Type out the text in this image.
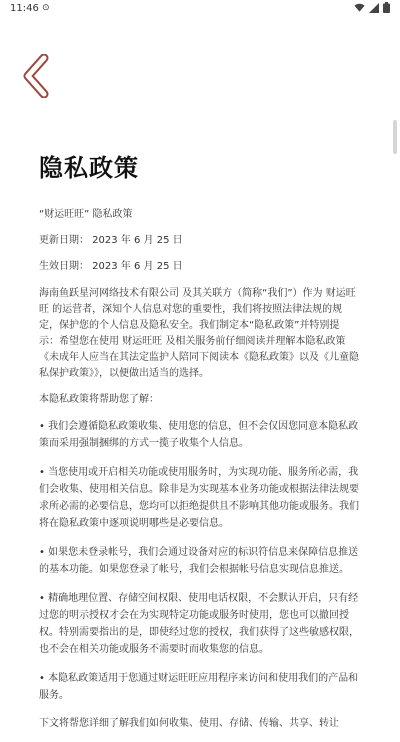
11:46 ⊙
隐私政策

“财运旺旺” 隐私政策

更新日期： 2023 年 6 月 25 日

生效日期： 2023 年 6 月 25 日

海南鱼跃星河网络技术有限公司 及其关联方（简称“我们”）作为 财运旺旺 的运营者，深知个人信息对您的重要性，我们将按照法律法规的规定，保护您的个人信息及隐私安全。我们制定本“隐私政策”并特别提示：希望您在使用 财运旺旺 及相关服务前仔细阅读并理解本隐私政策《未成年人应当在其法定监护人陪同下阅读本《隐私政策》以及《儿童隐私保护政策》》，以便做出适当的选择。

本隐私政策将帮助您了解：

• 我们会遵循隐私政策收集、使用您的信息，但不会仅因您同意本隐私政策而采用强制捆绑的方式一揽子收集个人信息。

• 当您使用或开启相关功能或使用服务时，为实现功能、服务所必需，我们会收集、使用相关信息。除非是为实现基本业务功能或根据法律法规要求所必需的必要信息，您均可以拒绝提供且不影响其他功能或服务。我们将在隐私政策中逐项说明哪些是必要信息。

• 如果您未登录帐号，我们会通过设备对应的标识符信息来保障信息推送的基本功能。如果您登录了帐号，我们会根据帐号信息实现信息推送。

• 精确地理位置、存储空间权限、使用电话权限，不会默认开启，只有经过您的明示授权才会在为实现特定功能或服务时使用，您也可以撤回授权。特别需要指出的是，即使经过您的授权，我们获得了这些敏感权限，也不会在相关功能或服务不需要时而收集您的信息。

• 本隐私政策适用于您通过财运旺旺应用程序来访问和使用我们的产品和服务。

下文将帮您详细了解我们如何收集、使用、存储、传输、共享、转让
